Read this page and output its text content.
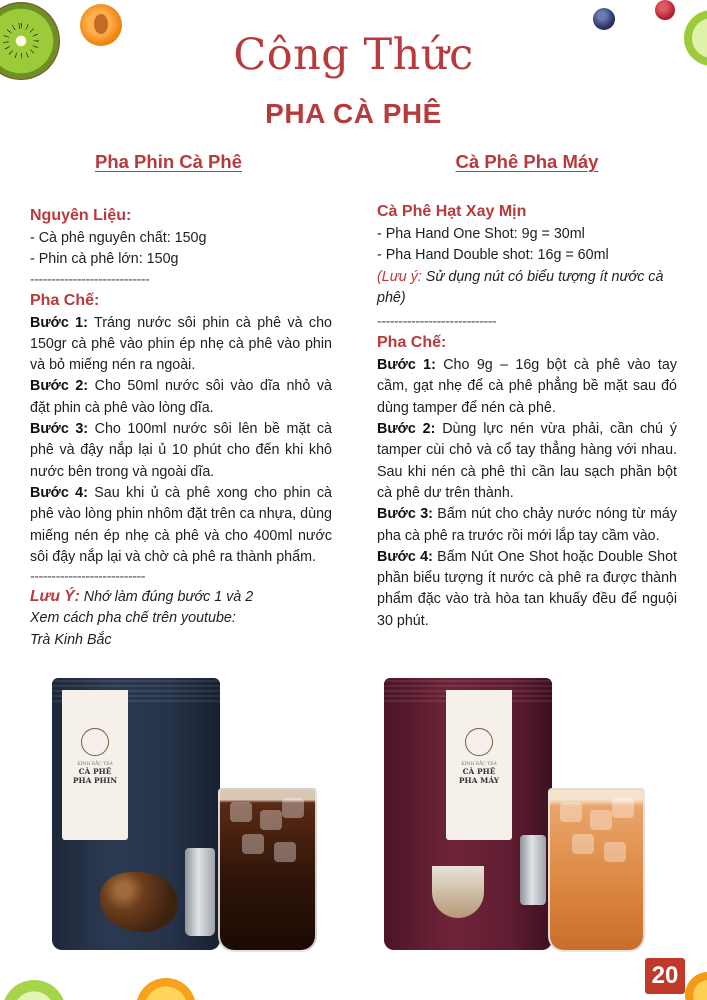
Công Thức
PHA CÀ PHÊ
Pha Phin Cà Phê
Nguyên Liệu:

- Cà phê nguyên chất: 150g

- Phin cà phê lớn: 150g

----------------------------

Pha Chế:

Bước 1: Tráng nước sôi phin cà phê và cho 150gr cà phê vào phin ép nhẹ cà phê vào phin và bỏ miếng nén ra ngoài.

Bước 2: Cho 50ml nước sôi vào dĩa nhỏ và đặt phin cà phê vào lòng dĩa.

Bước 3: Cho 100ml nước sôi lên bề mặt cà phê và đậy nắp lại ủ 10 phút cho đến khi khô nước bên trong và ngoài dĩa.

Bước 4: Sau khi ủ cà phê xong cho phin cà phê vào lòng phin nhôm đặt trên ca nhựa, dùng miếng nén ép nhẹ cà phê và cho 400ml nước sôi đậy nắp lại và chờ cà phê ra thành phẩm.

---------------------------

Lưu Ý: Nhớ làm đúng bước 1 và 2

Xem cách pha chế trên youtube:

Trà Kinh Bắc

Cà Phê Pha Máy
Cà Phê Hạt Xay Mịn

- Pha Hand One Shot: 9g = 30ml

- Pha Hand Double shot: 16g = 60ml

(Lưu ý: Sử dụng nút có biểu tượng ít nước cà phê)

----------------------------

Pha Chế:

Bước 1: Cho 9g – 16g bột cà phê vào tay cầm, gạt nhẹ để cà phê phẳng bề mặt sau đó dùng tamper để nén cà phê.

Bước 2: Dùng lực nén vừa phải, cần chú ý tamper cùi chỏ và cổ tay thẳng hàng với nhau. Sau khi nén cà phê thì cần lau sạch phần bột cà phê dư trên thành.

Bước 3: Bấm nút cho chảy nước nóng từ máy pha cà phê ra trước rồi mới lắp tay cầm vào.

Bước 4: Bấm Nút One Shot hoặc Double Shot phần biểu tượng ít nước cà phê ra được thành phẩm đặc vào trà hòa tan khuấy đều để nguội 30 phút.

KINH BẮC TRÀ
CÀ PHÊ
PHA PHIN
KINH BẮC TRÀ
CÀ PHÊ
PHA MÁY
20
